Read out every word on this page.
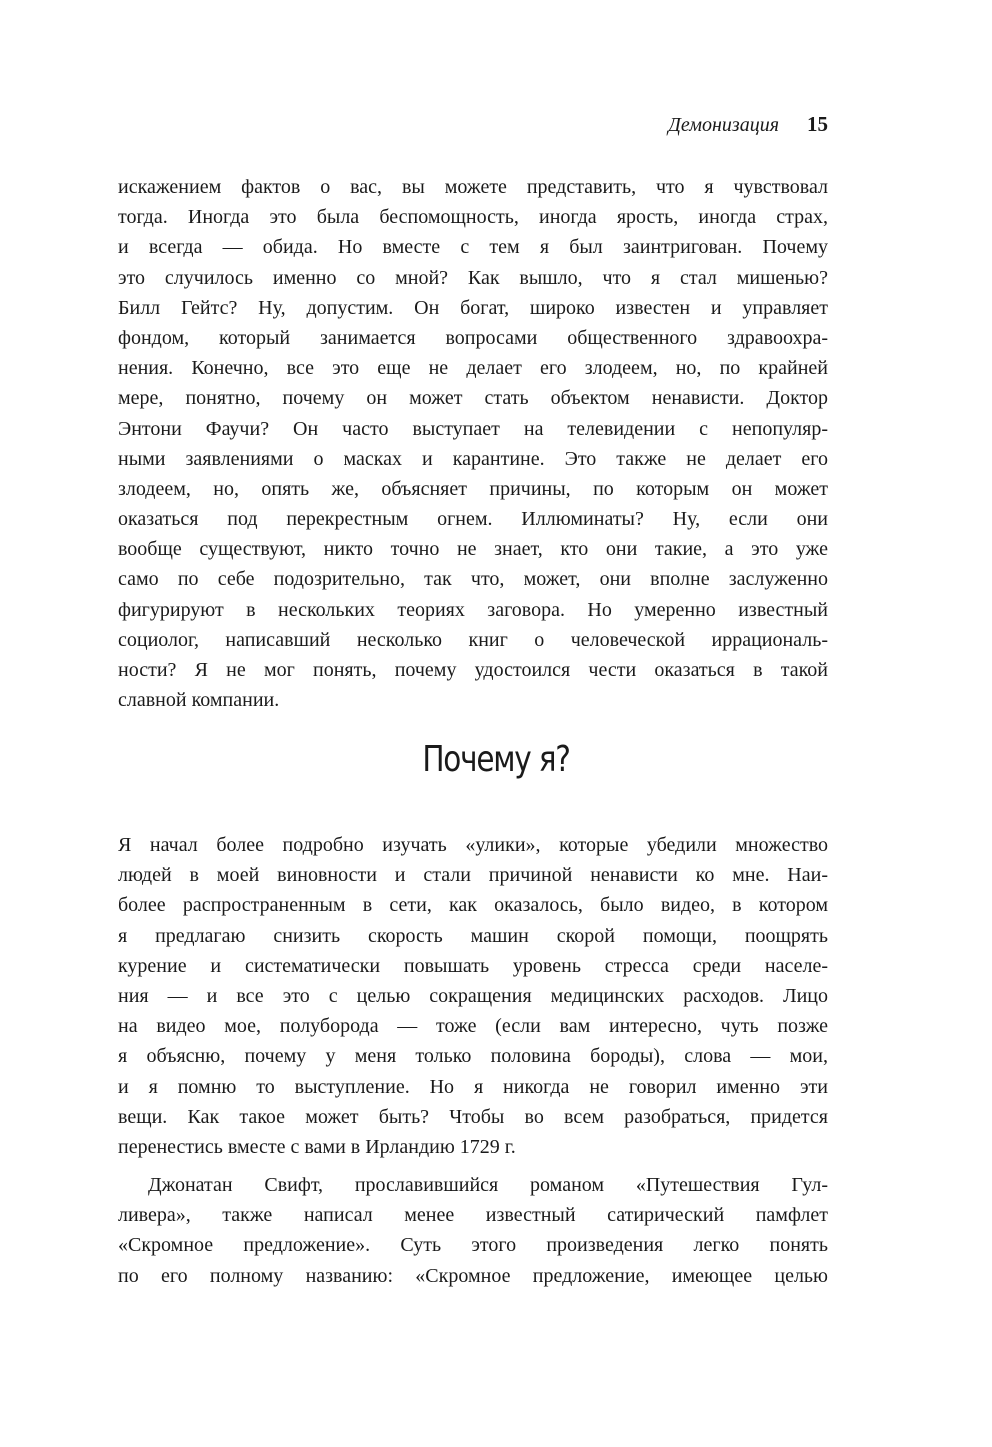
Демонизация 15
искажением фактов о вас, вы можете представить, что я чувствовал
тогда. Иногда это была беспомощность, иногда ярость, иногда страх,
и всегда — обида. Но вместе с тем я был заинтригован. Почему
это случилось именно со мной? Как вышло, что я стал мишенью?
Билл Гейтс? Ну, допустим. Он богат, широко известен и управляет
фондом, который занимается вопросами общественного здравоохра-
нения. Конечно, все это еще не делает его злодеем, но, по крайней
мере, понятно, почему он может стать объектом ненависти. Доктор
Энтони Фаучи? Он часто выступает на телевидении с непопуляр-
ными заявлениями о масках и карантине. Это также не делает его
злодеем, но, опять же, объясняет причины, по которым он может
оказаться под перекрестным огнем. Иллюминаты? Ну, если они
вообще существуют, никто точно не знает, кто они такие, а это уже
само по себе подозрительно, так что, может, они вполне заслуженно
фигурируют в нескольких теориях заговора. Но умеренно известный
социолог, написавший несколько книг о человеческой иррациональ-
ности? Я не мог понять, почему удостоился чести оказаться в такой
славной компании.
Почему я?
Я начал более подробно изучать «улики», которые убедили множество
людей в моей виновности и стали причиной ненависти ко мне. Наи-
более распространенным в сети, как оказалось, было видео, в котором
я предлагаю снизить скорость машин скорой помощи, поощрять
курение и систематически повышать уровень стресса среди населе-
ния — и все это с целью сокращения медицинских расходов. Лицо
на видео мое, полуборода — тоже (если вам интересно, чуть позже
я объясню, почему у меня только половина бороды), слова — мои,
и я помню то выступление. Но я никогда не говорил именно эти
вещи. Как такое может быть? Чтобы во всем разобраться, придется
перенестись вместе с вами в Ирландию 1729 г.
Джонатан Свифт, прославившийся романом «Путешествия Гул-
ливера», также написал менее известный сатирический памфлет
«Скромное предложение». Суть этого произведения легко понять
по его полному названию: «Скромное предложение, имеющее целью
